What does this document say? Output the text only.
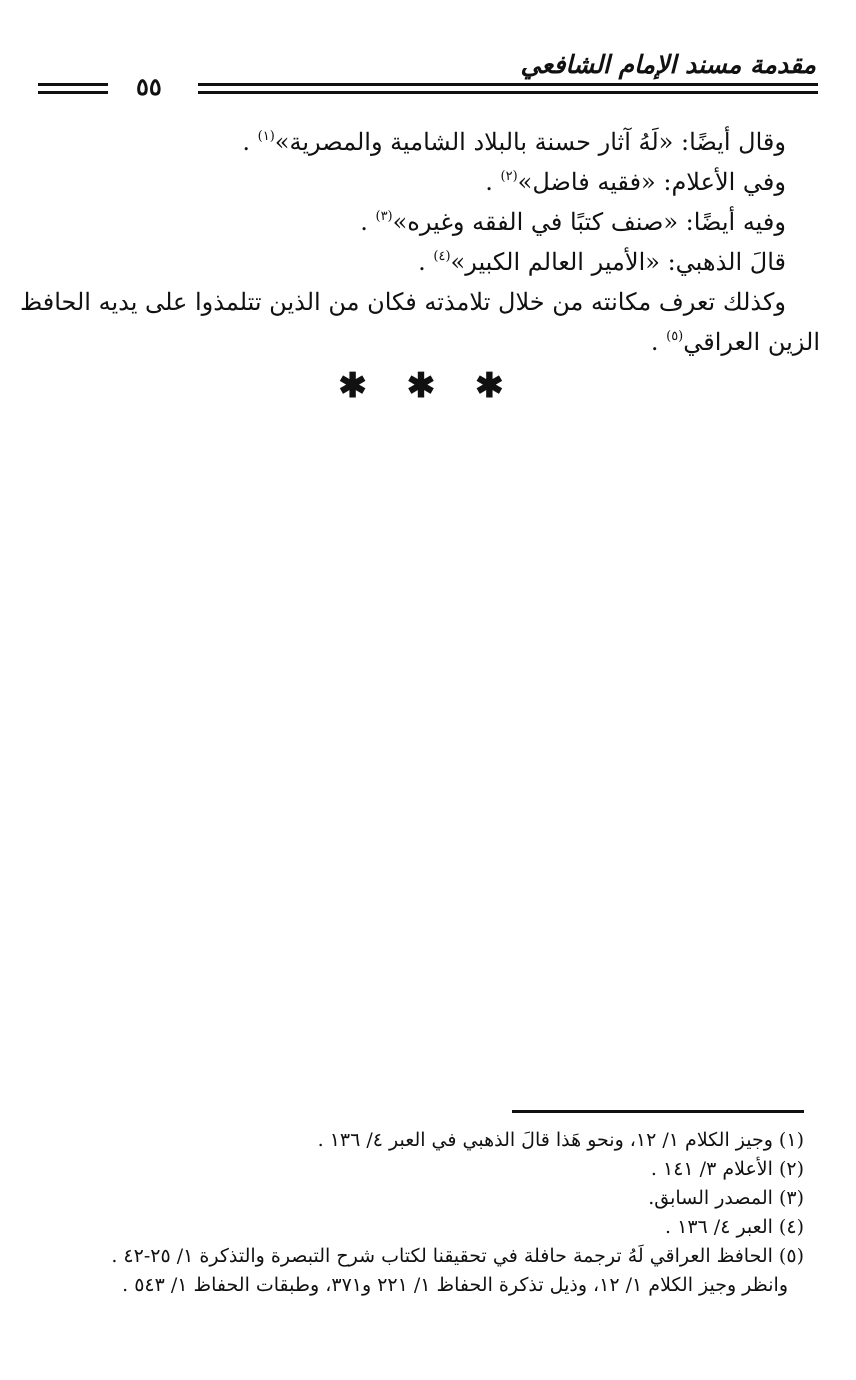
مقدمة مسند الإمام الشافعي
٥٥
وقال أيضًا: «لَهُ آثار حسنة بالبلاد الشامية والمصرية»$^{(١)}$ .
وفي الأعلام: «فقيه فاضل»$^{(٢)}$ .
وفيه أيضًا: «صنف كتبًا في الفقه وغيره»$^{(٣)}$ .
قالَ الذهبي: «الأمير العالم الكبير»$^{(٤)}$ .
وكذلك تعرف مكانته من خلال تلامذته فكان من الذين تتلمذوا على يديه الحافظ
الزين العراقي$^{(٥)}$ .
✱ ✱ ✱
(١) وجيز الكلام ١/ ١٢، ونحو هَذا قالَ الذهبي في العبر ٤/ ١٣٦ .
(٢) الأعلام ٣/ ١٤١ .
(٣) المصدر السابق.
(٤) العبر ٤/ ١٣٦ .
(٥) الحافظ العراقي لَهُ ترجمة حافلة في تحقيقنا لكتاب شرح التبصرة والتذكرة ١/ ٢٥-٤٢ .
وانظر وجيز الكلام ١/ ١٢، وذيل تذكرة الحفاظ ١/ ٢٢١ و٣٧١، وطبقات الحفاظ ١/ ٥٤٣ .
